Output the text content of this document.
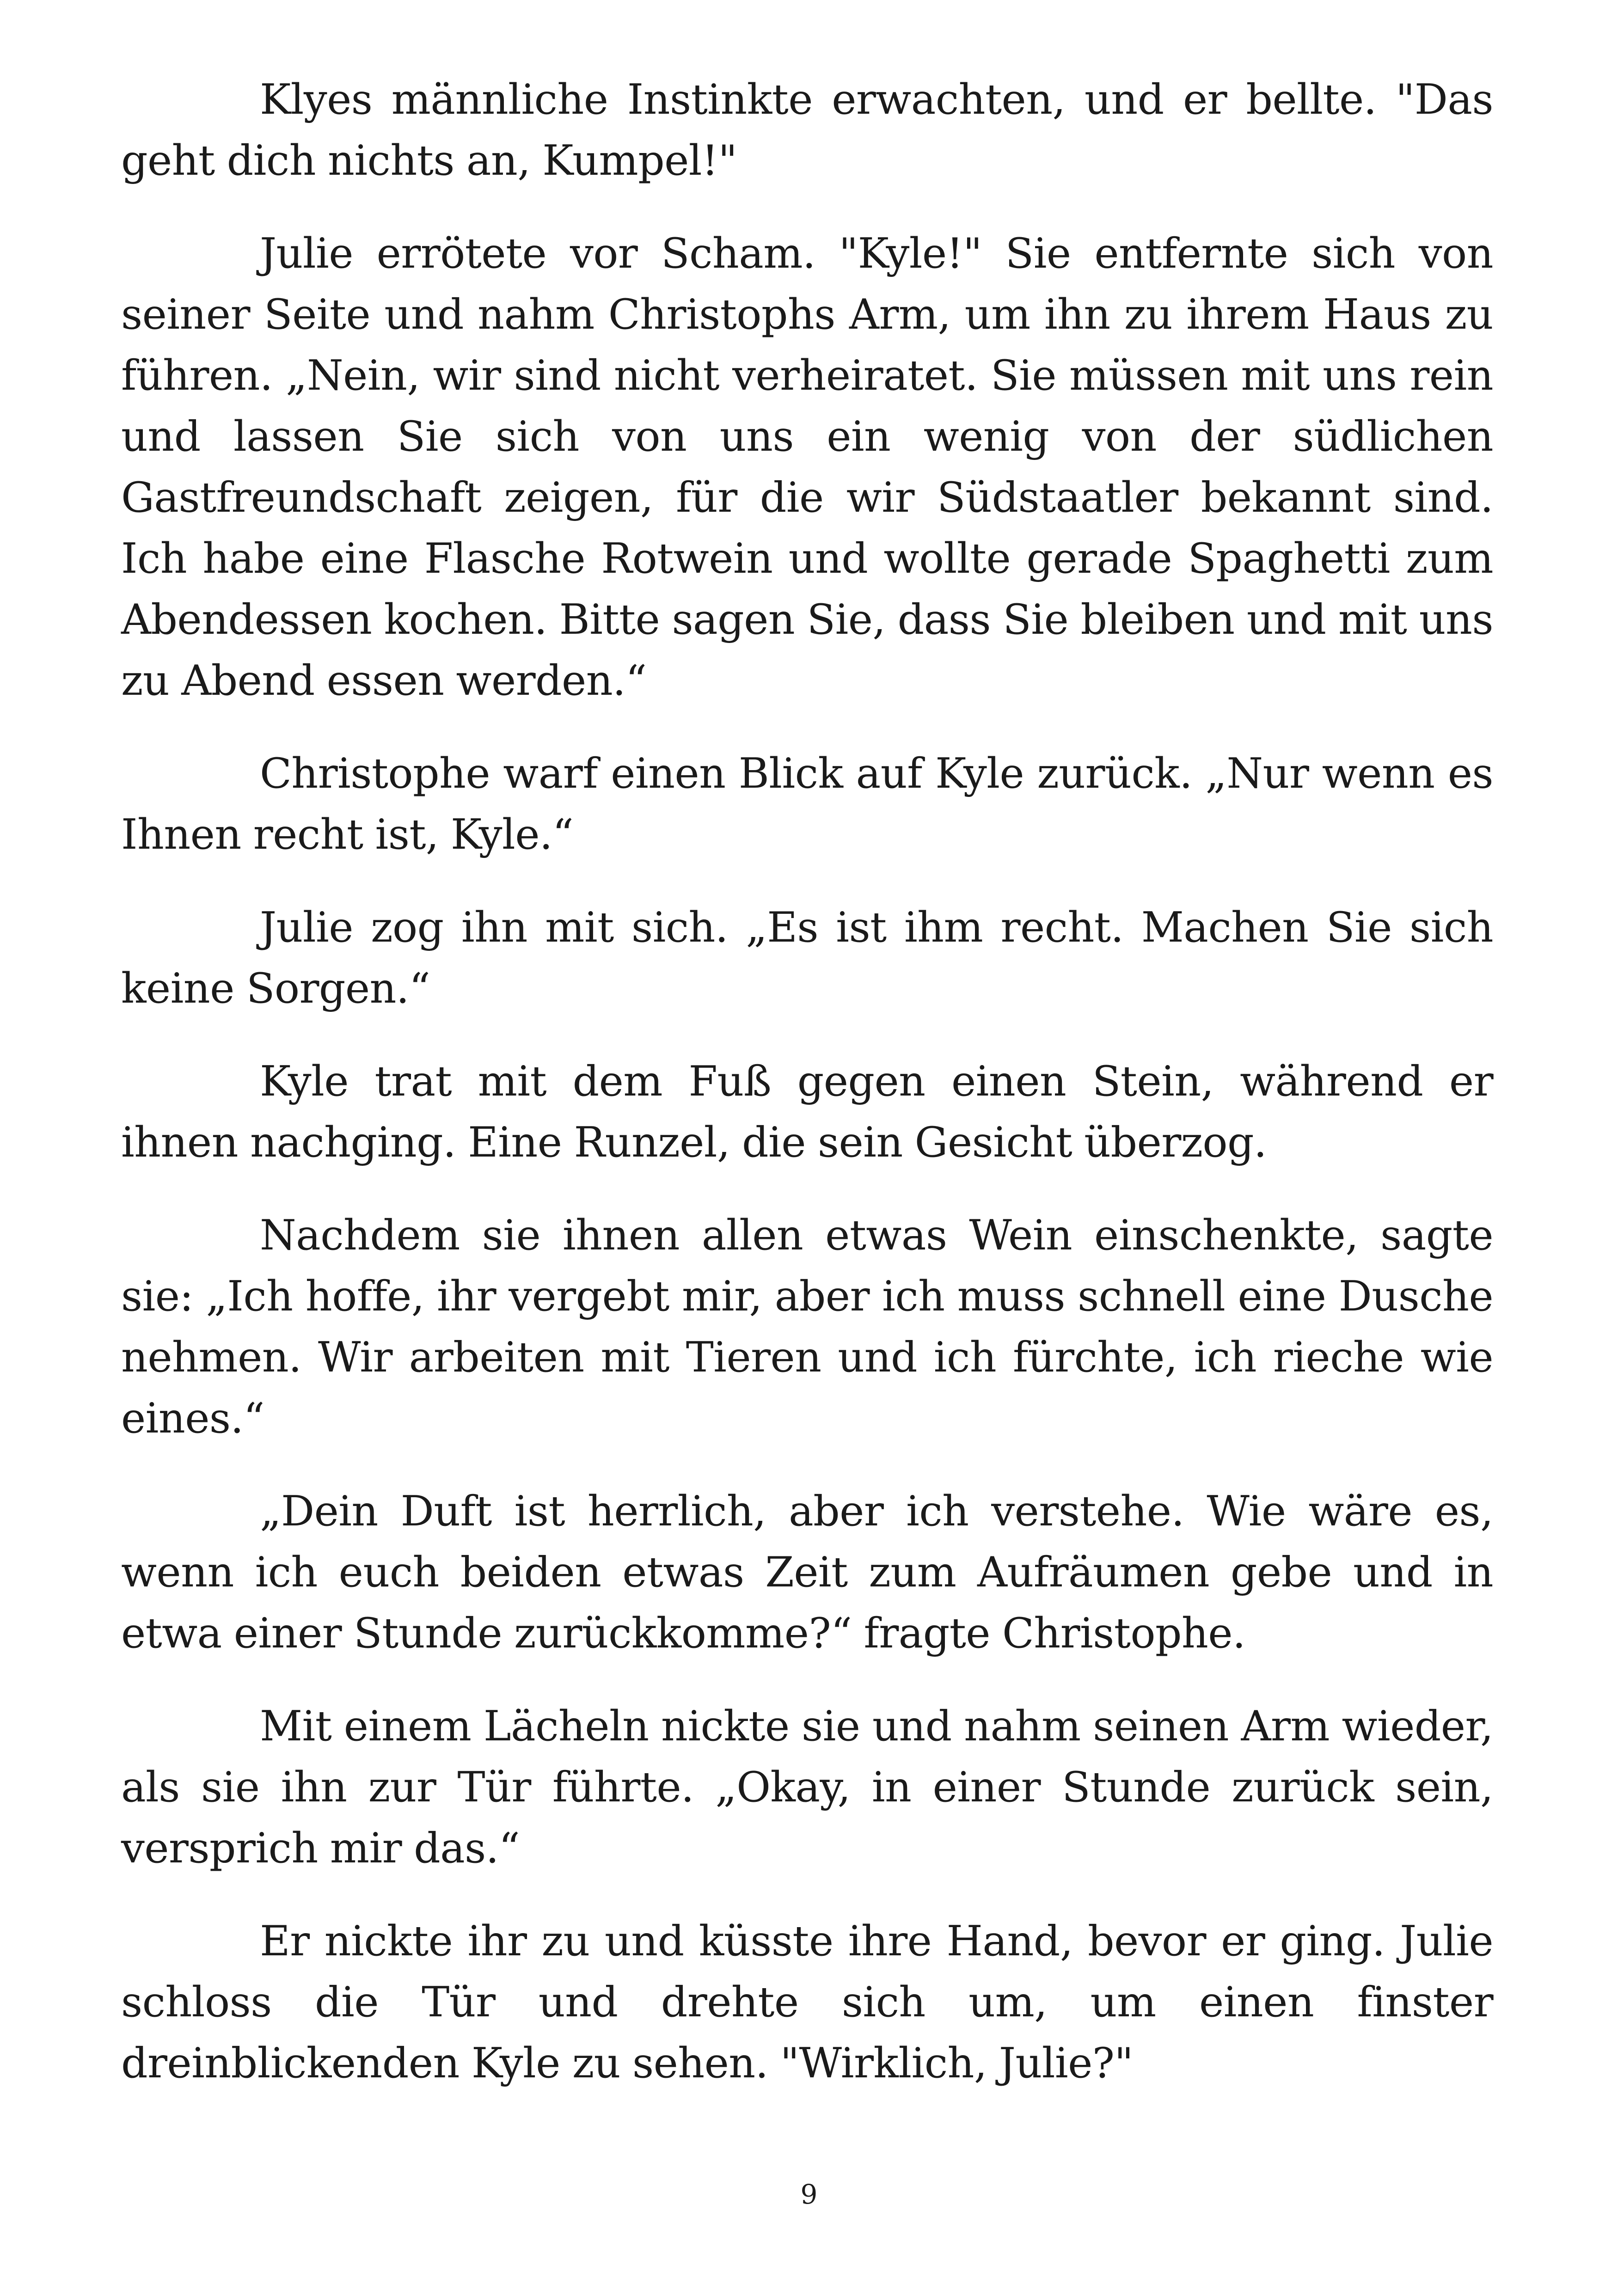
Klyes männliche Instinkte erwachten, und er bellte. "Das geht dich nichts an, Kumpel!"

Julie errötete vor Scham. "Kyle!" Sie entfernte sich von seiner Seite und nahm Christophs Arm, um ihn zu ihrem Haus zu führen. „Nein, wir sind nicht verheiratet. Sie müssen mit uns rein und lassen Sie sich von uns ein wenig von der südlichen Gastfreundschaft zeigen, für die wir Südstaatler bekannt sind. Ich habe eine Flasche Rotwein und wollte gerade Spaghetti zum Abendessen kochen. Bitte sagen Sie, dass Sie bleiben und mit uns zu Abend essen werden.“

Christophe warf einen Blick auf Kyle zurück. „Nur wenn es Ihnen recht ist, Kyle.“

Julie zog ihn mit sich. „Es ist ihm recht. Machen Sie sich keine Sorgen.“

Kyle trat mit dem Fuß gegen einen Stein, während er ihnen nachging. Eine Runzel, die sein Gesicht überzog.

Nachdem sie ihnen allen etwas Wein einschenkte, sagte sie: „Ich hoffe, ihr vergebt mir, aber ich muss schnell eine Dusche nehmen. Wir arbeiten mit Tieren und ich fürchte, ich rieche wie eines.“

„Dein Duft ist herrlich, aber ich verstehe. Wie wäre es, wenn ich euch beiden etwas Zeit zum Aufräumen gebe und in etwa einer Stunde zurückkomme?“ fragte Christophe.

Mit einem Lächeln nickte sie und nahm seinen Arm wieder, als sie ihn zur Tür führte. „Okay, in einer Stunde zurück sein, versprich mir das.“

Er nickte ihr zu und küsste ihre Hand, bevor er ging. Julie schloss die Tür und drehte sich um, um einen finster dreinblickenden Kyle zu sehen. "Wirklich, Julie?"

9
